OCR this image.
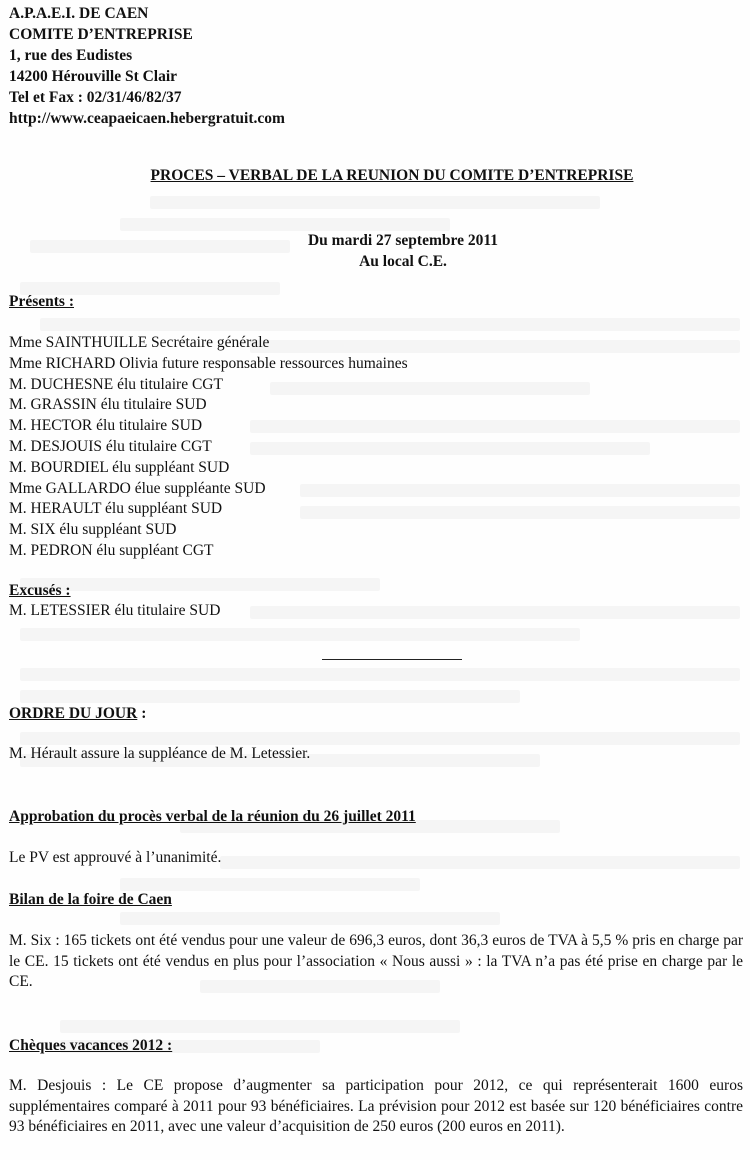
A.P.A.E.I. DE CAEN
COMITE D’ENTREPRISE
1, rue des Eudistes
14200 Hérouville St Clair
Tel et Fax : 02/31/46/82/37
http://www.ceapaeicaen.hebergratuit.com
PROCES – VERBAL DE LA REUNION DU COMITE D’ENTREPRISE
Du mardi 27 septembre 2011
Au local C.E.
Présents :
Mme SAINTHUILLE Secrétaire générale
Mme RICHARD Olivia future responsable ressources humaines
M. DUCHESNE élu titulaire CGT
M. GRASSIN élu titulaire SUD
M. HECTOR élu titulaire SUD
M. DESJOUIS élu titulaire CGT
M. BOURDIEL élu suppléant SUD
Mme GALLARDO élue suppléante SUD
M. HERAULT élu suppléant SUD
M. SIX élu suppléant SUD
M. PEDRON élu suppléant CGT
Excusés :
M. LETESSIER élu titulaire SUD
ORDRE DU JOUR :
M. Hérault assure la suppléance de M. Letessier.
Approbation du procès verbal de la réunion du 26 juillet 2011
Le PV est approuvé à l’unanimité.
Bilan de la foire de Caen
M. Six : 165 tickets ont été vendus pour une valeur de 696,3 euros, dont 36,3 euros de TVA à 5,5 % pris en charge par le CE. 15 tickets ont été vendus en plus pour l’association « Nous aussi » : la TVA n’a pas été prise en charge par le CE.
Chèques vacances 2012 :
M. Desjouis : Le CE propose d’augmenter sa participation pour 2012, ce qui représenterait 1600 euros supplémentaires comparé à 2011 pour 93 bénéficiaires. La prévision pour 2012 est basée sur 120 bénéficiaires contre 93 bénéficiaires en 2011, avec une valeur d’acquisition de 250 euros (200 euros en 2011).
